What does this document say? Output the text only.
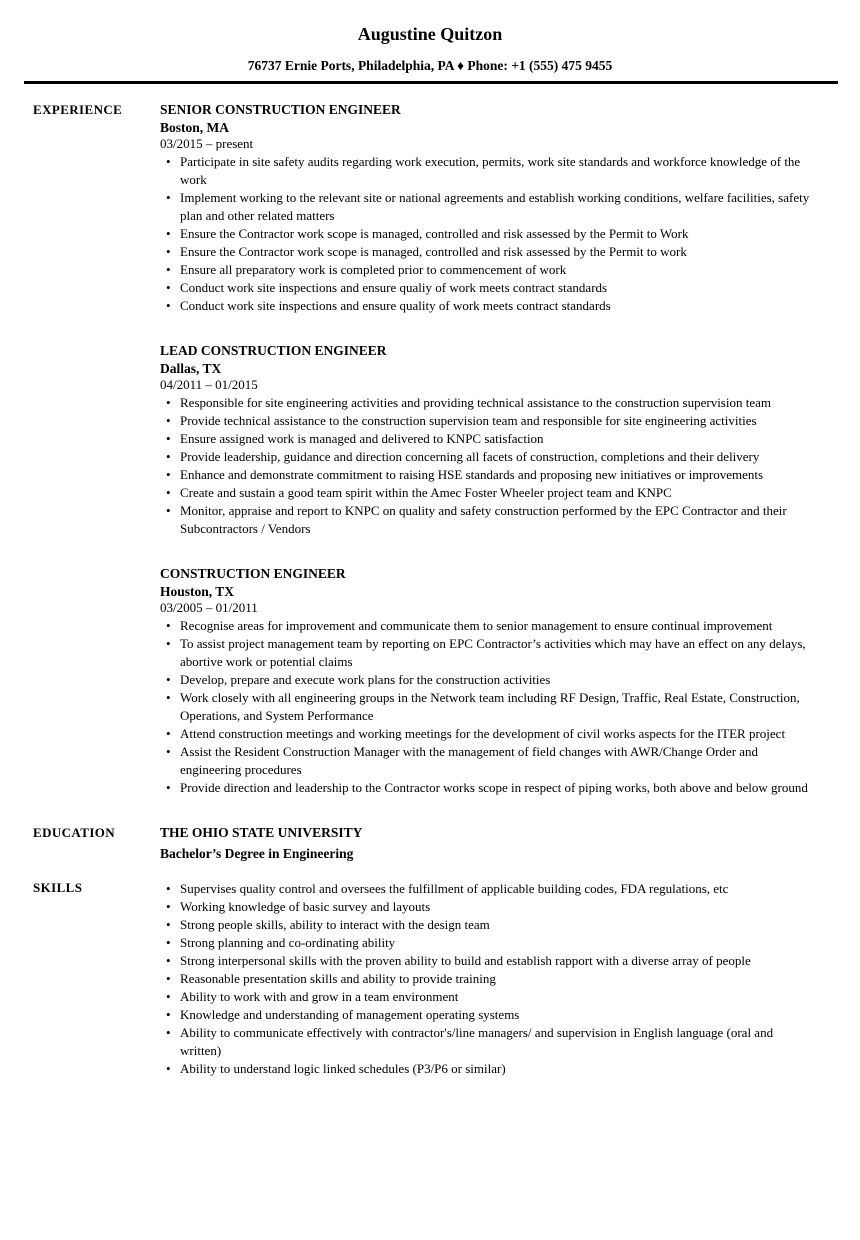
Augustine Quitzon

76737 Ernie Ports, Philadelphia, PA ♦ Phone: +1 (555) 475 9455

EXPERIENCE	SENIOR CONSTRUCTION ENGINEER
Boston, MA
03/2015 – present
• Participate in site safety audits regarding work execution, permits, work site standards and workforce knowledge of the work
• Implement working to the relevant site or national agreements and establish working conditions, welfare facilities, safety plan and other related matters
• Ensure the Contractor work scope is managed, controlled and risk assessed by the Permit to Work
• Ensure the Contractor work scope is managed, controlled and risk assessed by the Permit to work
• Ensure all preparatory work is completed prior to commencement of work
• Conduct work site inspections and ensure qualiy of work meets contract standards
• Conduct work site inspections and ensure quality of work meets contract standards
LEAD CONSTRUCTION ENGINEER
Dallas, TX
04/2011 – 01/2015
• Responsible for site engineering activities and providing technical assistance to the construction supervision team
• Provide technical assistance to the construction supervision team and responsible for site engineering activities
• Ensure assigned work is managed and delivered to KNPC satisfaction
• Provide leadership, guidance and direction concerning all facets of construction, completions and their delivery
• Enhance and demonstrate commitment to raising HSE standards and proposing new initiatives or improvements
• Create and sustain a good team spirit within the Amec Foster Wheeler project team and KNPC
• Monitor, appraise and report to KNPC on quality and safety construction performed by the EPC Contractor and their Subcontractors / Vendors
CONSTRUCTION ENGINEER
Houston, TX
03/2005 – 01/2011
• Recognise areas for improvement and communicate them to senior management to ensure continual improvement
• To assist project management team by reporting on EPC Contractor’s activities which may have an effect on any delays, abortive work or potential claims
• Develop, prepare and execute work plans for the construction activities
• Work closely with all engineering groups in the Network team including RF Design, Traffic, Real Estate, Construction, Operations, and System Performance
• Attend construction meetings and working meetings for the development of civil works aspects for the ITER project
• Assist the Resident Construction Manager with the management of field changes with AWR/Change Order and engineering procedures
• Provide direction and leadership to the Contractor works scope in respect of piping works, both above and below ground
EDUCATION	THE OHIO STATE UNIVERSITY
Bachelor’s Degree in Engineering
SKILLS	• Supervises quality control and oversees the fulfillment of applicable building codes, FDA regulations, etc
• Working knowledge of basic survey and layouts
• Strong people skills, ability to interact with the design team
• Strong planning and co-ordinating ability
• Strong interpersonal skills with the proven ability to build and establish rapport with a diverse array of people
• Reasonable presentation skills and ability to provide training
• Ability to work with and grow in a team environment
• Knowledge and understanding of management operating systems
• Ability to communicate effectively with contractor's/line managers/ and supervision in English language (oral and written)
• Ability to understand logic linked schedules (P3/P6 or similar)
